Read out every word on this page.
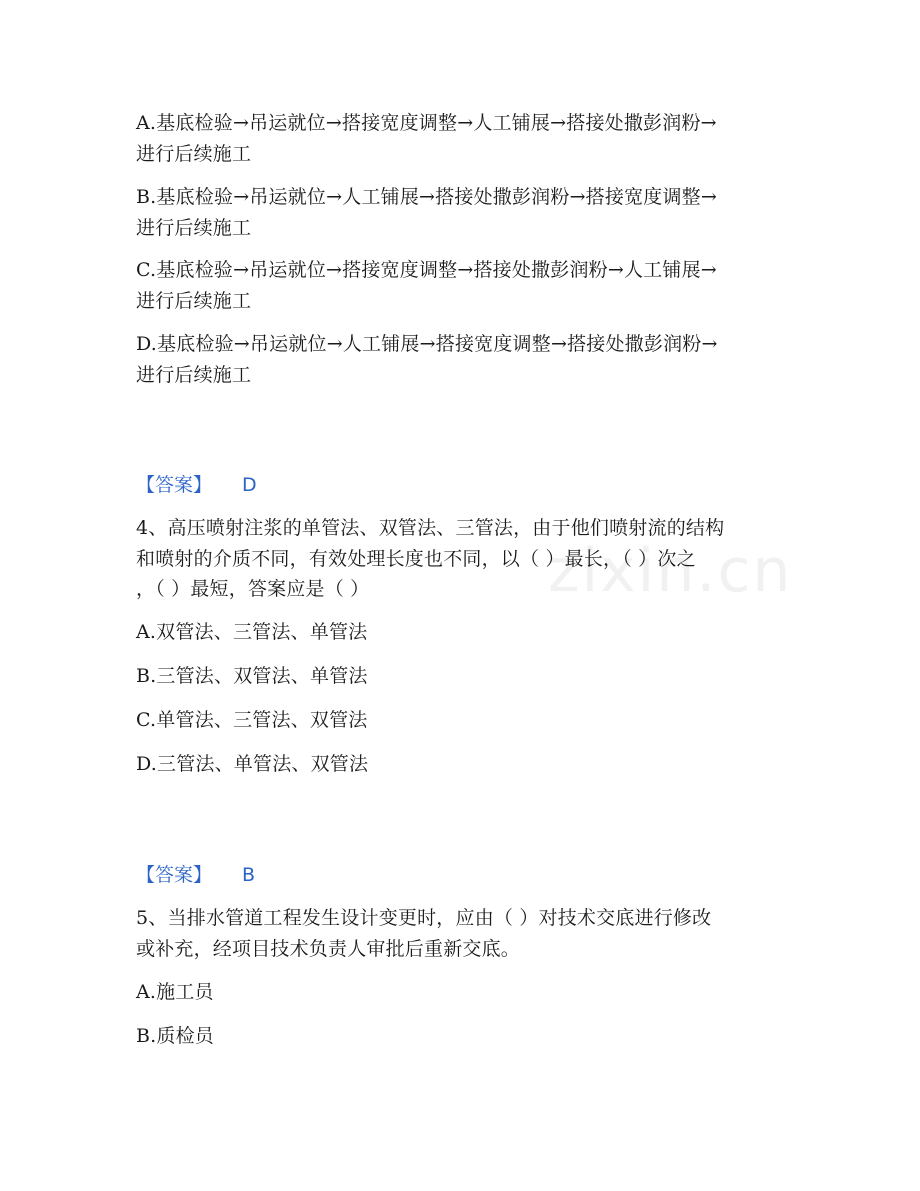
zixin.cn
A.基底检验→吊运就位→搭接宽度调整→人工铺展→搭接处撒彭润粉→
进行后续施工
B.基底检验→吊运就位→人工铺展→搭接处撒彭润粉→搭接宽度调整→
进行后续施工
C.基底检验→吊运就位→搭接宽度调整→搭接处撒彭润粉→人工铺展→
进行后续施工
D.基底检验→吊运就位→人工铺展→搭接宽度调整→搭接处撒彭润粉→
进行后续施工
【答案】 D
4、高压喷射注浆的单管法、双管法、三管法，由于他们喷射流的结构
和喷射的介质不同，有效处理长度也不同，以（ ）最长，（ ）次之
，（ ）最短，答案应是（ ）
A.双管法、三管法、单管法
B.三管法、双管法、单管法
C.单管法、三管法、双管法
D.三管法、单管法、双管法
【答案】 B
5、当排水管道工程发生设计变更时，应由（ ）对技术交底进行修改
或补充，经项目技术负责人审批后重新交底。
A.施工员
B.质检员
